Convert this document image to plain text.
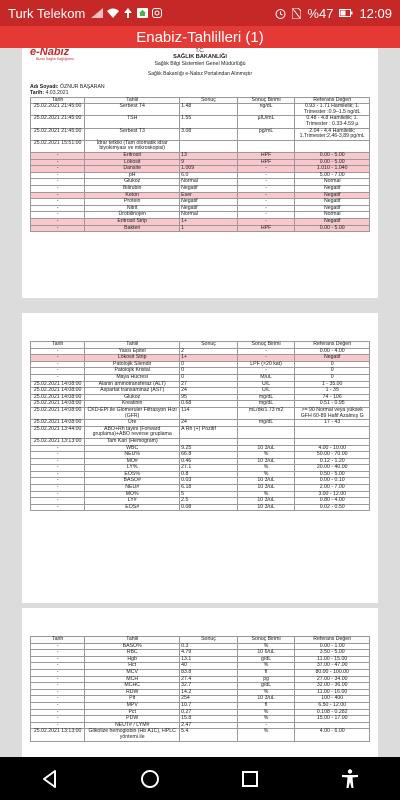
Turk Telekom	%47 12:09
Enabiz-Tahlilleri (1)
e-Nabız
Bizim Sağlık Sağlığımız
T.C.
SAĞLIK BAKANLIĞI
Sağlık Bilgi Sistemleri Genel Müdürlüğü
Sağlık Bakanlığı e-Nabız Portalından Alınmıştır
Adı Soyadı: ÖZNUR BAŞARAN
Tarih: 4.03.2021
Tarih	Tahlil	Sonuç	Sonuç Birimi	Referans Değeri
25.02.2021 21:45:00	Serbest T4	1.48	ng/dL	0.93 - 1.71 Hamilelik; 1. Trimester :0.9–1.5 ng/dL
25.02.2021 21:45:00	TSH	1.55	µIU/mL	0.48 - 4.8 Hamilelik; 1. Trimester : 0.33-4.59 µ
25.02.2021 21:45:00	Serbest T3	3.08	pg/mL	2.04 - 4.4 Hamilelik; 1.Trimester:2,46-3,89 pg/mL
25.02.2021 15:51:00	İdrar tetkiki (Tam otomatik idrar biyokimyası ve mikroskopisi)			
-	Eritrosit	13	HPF	0.00 - 5.00
-	Lökosit	9	HPF	0.00 - 5.00
-	Dansite	1.009	-	1.010 - 1.040
-	pH	6.0	-	5.00 - 7.00
-	Glukoz	Normal	-	Normal
-	Bilirubin	Negatif	-	Negatif
-	Keton	Eser	-	Negatif
-	Protein	Negatif	-	Negatif
-	Nitrit	Negatif	-	Negatif
-	Ürobilinojen	Normal	-	Normal
-	Eritrosit Strip	1+	-	Negatif
-	Bakteri	1	HPF	0.00 - 5.00
Tarih	Tahlil	Sonuç	Sonuç Birimi	Referans Değeri
-	Yassı Epitel	2	-	0.00 - 4.00
-	Lökosit Strip	1+	-	Negatif
-	Patolojik Silendir	0	LPF (×20 kat)	0
-	Patolojik Kristal	0	-	0
-	Maya Hücresi	0	M/uL	0
25.02.2021 14:08:00	Alanin aminotransferaz (ALT)	27	U/L	1 - 35.00
25.02.2021 14:08:00	Aspartat transaminaz (AST)	24	U/L	1 - 35
25.02.2021 14:08:00	Glukoz	95	mg/dL	74 - 106
25.02.2021 14:08:00	Kreatinin	0.68	mg/dL	0.51 - 0.95
25.02.2021 14:08:00	CKD-EPI ile Glomeruler Filtrasyon Hızı (GFR)	114	mL/dk/1.73 m2	>= 90 Normal veya yüksek GFH 60-89 Hafif Azalmış G
25.02.2021 14:08:00	Üre	24	mg/dL	17 - 43
25.02.2021 13:44:00	ABO+Rh tayini (Forward gruplama)+ABO reverse gruplama	A Rh (+) Pozitif		
25.02.2021 13:13:00	Tam Kan (Hemogram)			
-	WBC	9.25	10 3/uL	4.00 - 10.00
-	NEU%	66.8	%	50.00 - 70.00
-	MO#	0.46	10 3/uL	0.12 - 1.20
-	LY%	27.1	%	20.00 - 40.00
-	EOS%	0.8	%	0.50 - 5.00
-	BASO#	0.03	10 3/uL	0.00 - 0.10
-	NEU#	6.18	10 3/uL	2.00 - 7.00
-	MO%	5	%	3.00 - 12.00
-	LY#	2.5	10 3/uL	0.80 - 4.00
-	EOS#	0.08	10 3/uL	0.02 - 0.50
Tarih	Tahlil	Sonuç	Sonuç Birimi	Referans Değeri
-	BASO%	0.3	%	0.00 - 1.00
-	RBC	4.79	10 6/uL	3.50 - 5.00
-	Hgb	13.1	g/dL	11.00 - 15.00
-	Hct	40	%	37.00 - 47.00
-	MCV	83.8	fl	80.00 - 100.00
-	MCH	27.4	pg	27.00 - 34.00
-	MCHC	32.7	g/dL	32.00 - 36.00
-	RDW	14.2	%	11.00 - 16.00
-	Plt	254	10 3/uL	100 - 400
-	MPV	10.7	fl	6.50 - 12.00
-	Pct	0.27	%	0.108 - 0.282
-	PDW	15.8	%	15.00 - 17.00
-	NEUT# / LYM#	2.47	-	
25.02.2021 13:13:00	Glikolize hemoglobin (Hb A1C), HPLC yöntemi ile	5.4	%	4.00 - 6.00
